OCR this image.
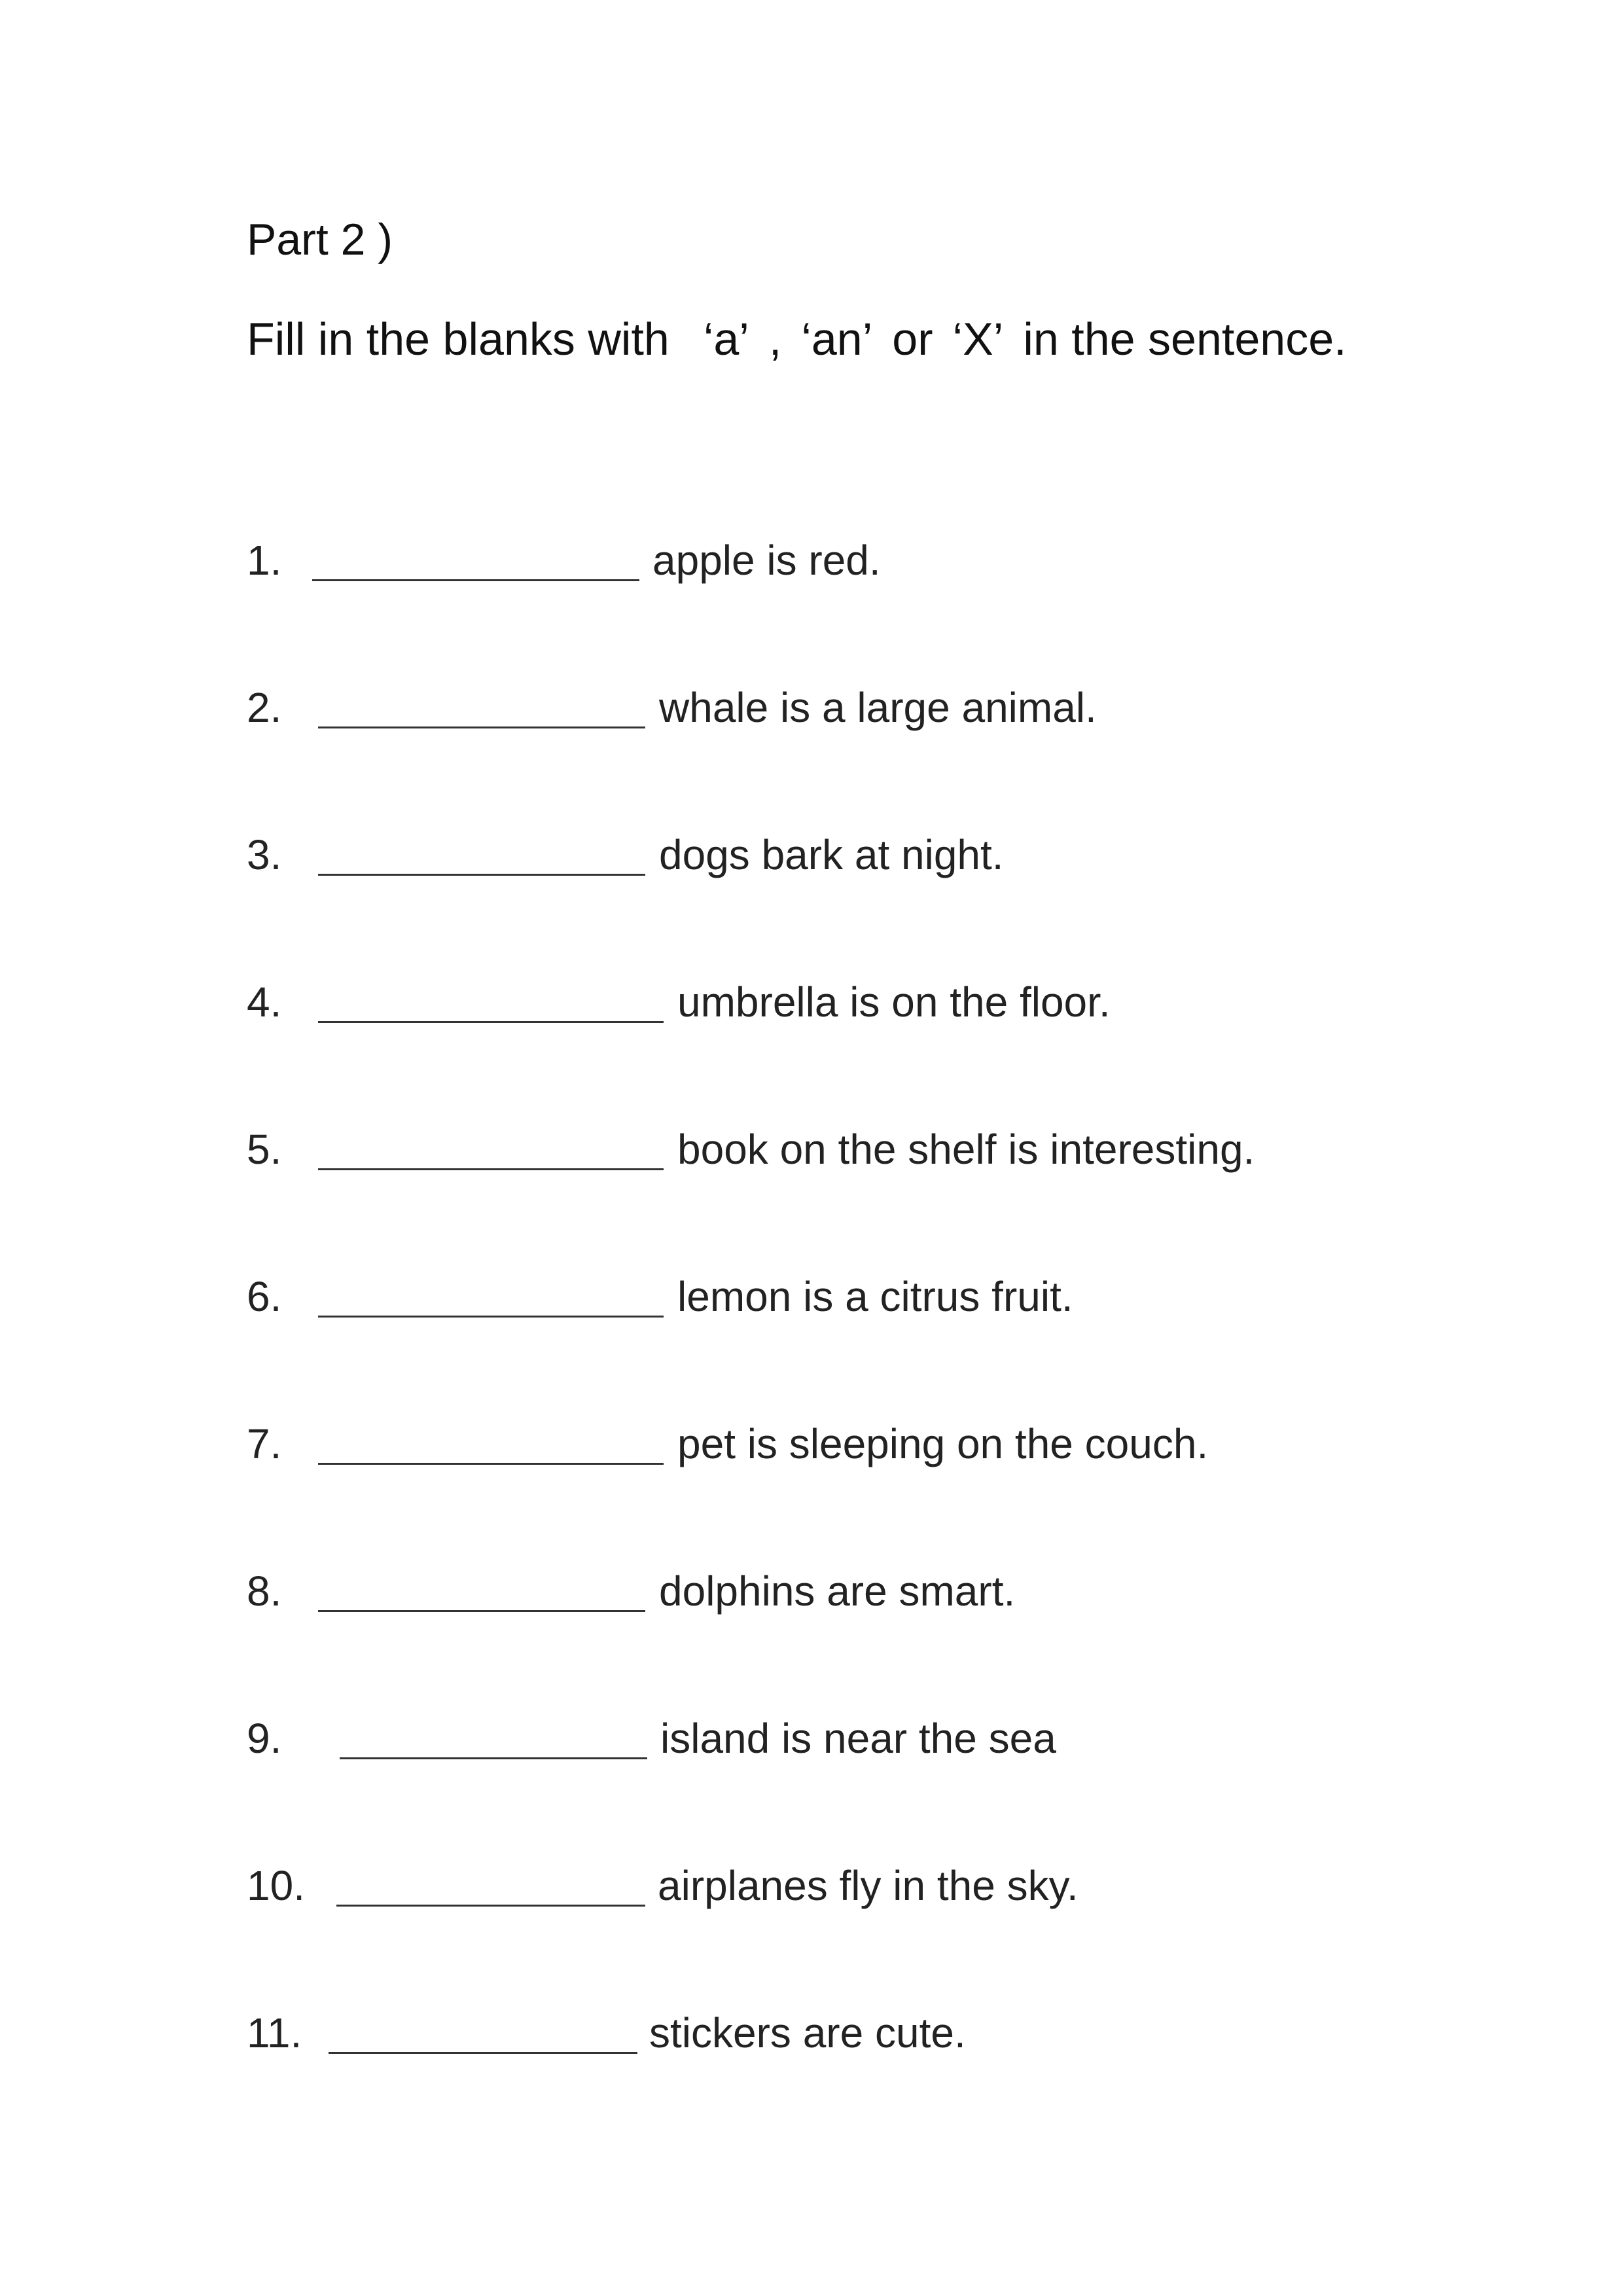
Part 2 )
Fill in the blanks with ‘a’ , ‘an’ or ‘X’ in the sentence.
1.	apple is red.
2.	whale is a large animal.
3.	dogs bark at night.
4.	umbrella is on the floor.
5.	book on the shelf is interesting.
6.	lemon is a citrus fruit.
7.	pet is sleeping on the couch.
8.	dolphins are smart.
9.	island is near the sea
10.	airplanes fly in the sky.
11.	stickers are cute.
